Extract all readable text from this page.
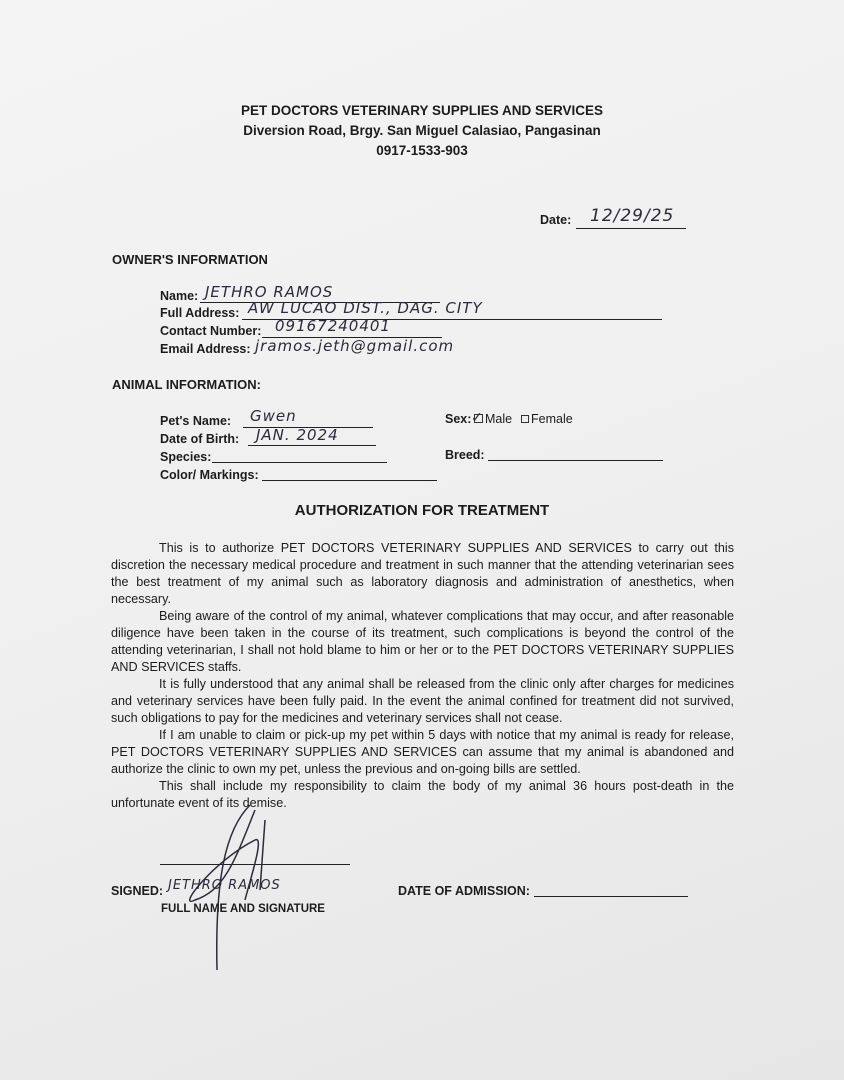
PET DOCTORS VETERINARY SUPPLIES AND SERVICES
Diversion Road, Brgy. San Miguel Calasiao, Pangasinan
0917-1533-903
Date: 12/29/25
OWNER'S INFORMATION
Name: JETHRO RAMOS
Full Address: AW LUCAO DIST., DAG. CITY
Contact Number: 09167240401
Email Address: jramos.jeth@gmail.com
ANIMAL INFORMATION:
Pet's Name: Gwen
Date of Birth: JAN. 2024
Species:
Color/ Markings:
Sex: ✓ Male Female
Breed:
AUTHORIZATION FOR TREATMENT

This is to authorize PET DOCTORS VETERINARY SUPPLIES AND SERVICES to carry out this discretion the necessary medical procedure and treatment in such manner that the attending veterinarian sees the best treatment of my animal such as laboratory diagnosis and administration of anesthetics, when necessary.

Being aware of the control of my animal, whatever complications that may occur, and after reasonable diligence have been taken in the course of its treatment, such complications is beyond the control of the attending veterinarian, I shall not hold blame to him or her or to the PET DOCTORS VETERINARY SUPPLIES AND SERVICES staffs.

It is fully understood that any animal shall be released from the clinic only after charges for medicines and veterinary services have been fully paid. In the event the animal confined for treatment did not survived, such obligations to pay for the medicines and veterinary services shall not cease.

If I am unable to claim or pick-up my pet within 5 days with notice that my animal is ready for release, PET DOCTORS VETERINARY SUPPLIES AND SERVICES can assume that my animal is abandoned and authorize the clinic to own my pet, unless the previous and on-going bills are settled.

This shall include my responsibility to claim the body of my animal 36 hours post-death in the unfortunate event of its demise.

SIGNED: JETHRO RAMOS
FULL NAME AND SIGNATURE
DATE OF ADMISSION:
